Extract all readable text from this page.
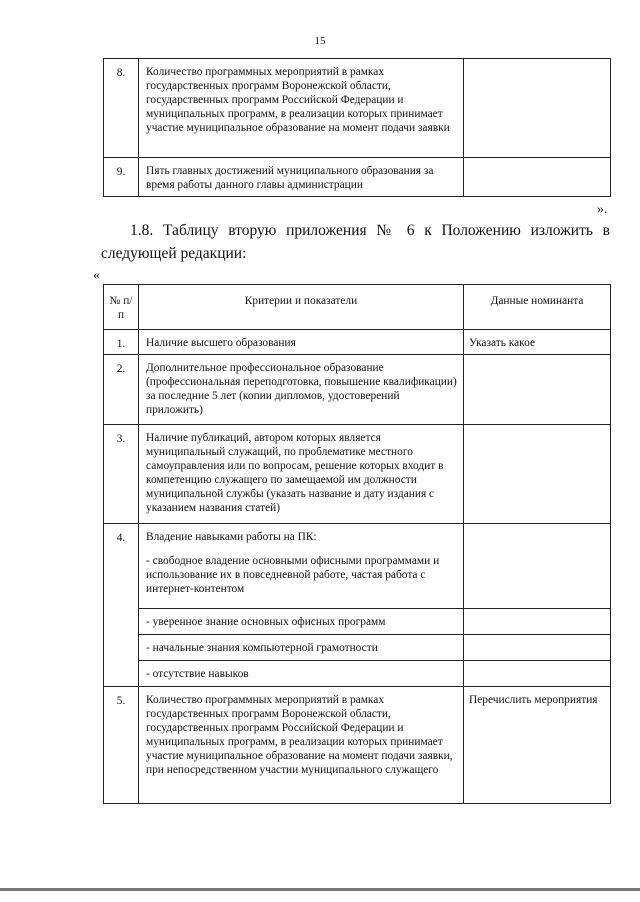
15
8.	Количество программных мероприятий в рамках государственных программ Воронежской области, государственных программ Российской Федерации и муниципальных программ, в реализации которых принимает участие муниципальное образование на момент подачи заявки	
9.	Пять главных достижений муниципального образования за время работы данного главы администрации	
».
1.8. Таблицу вторую приложения № 6 к Положению изложить в
следующей редакции:
«
№ п/п	Критерии и показатели	Данные номинанта
1.	Наличие высшего образования	Указать какое
2.	Дополнительное профессиональное образование (профессиональная переподготовка, повышение квалификации) за последние 5 лет (копии дипломов, удостоверений приложить)	
3.	Наличие публикаций, автором которых является муниципальный служащий, по проблематике местного самоуправления или по вопросам, решение которых входит в компетенцию служащего по замещаемой им должности муниципальной службы (указать название и дату издания с указанием названия статей)	
4.	Владение навыками работы на ПК:
- свободное владение основными офисными программами и использование их в повседневной работе, частая работа с интернет-контентом	

	- уверенное знание основных офисных программ	
	- начальные знания компьютерной грамотности	
	- отсутствие навыков	
5.	Количество программных мероприятий в рамках государственных программ Воронежской области, государственных программ Российской Федерации и муниципальных программ, в реализации которых принимает участие муниципальное образование на момент подачи заявки, при непосредственном участии муниципального служащего	Перечислить мероприятия
